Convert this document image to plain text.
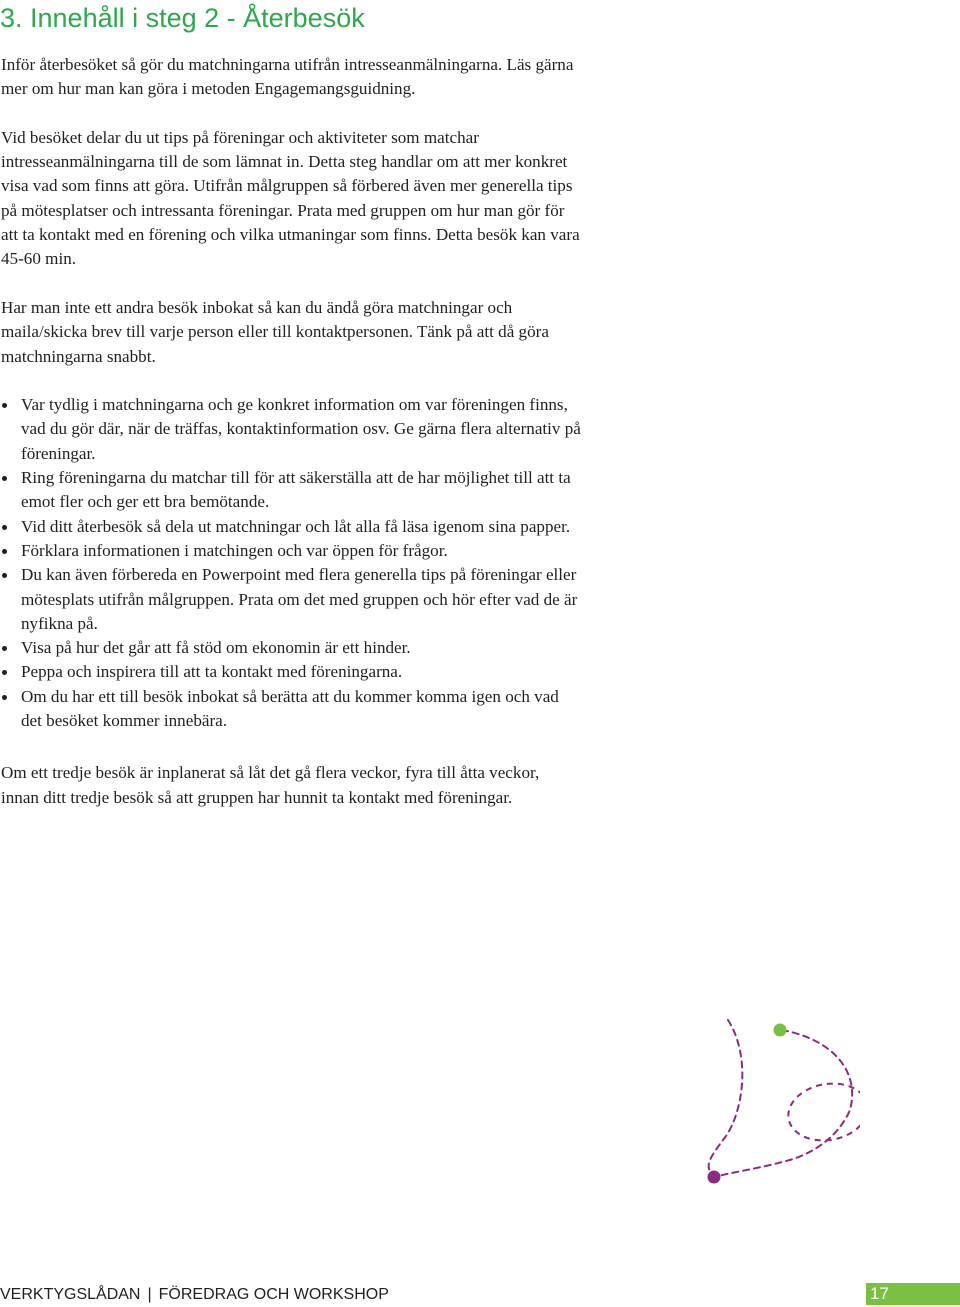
3. Innehåll i steg 2 - Återbesök

Inför återbesöket så gör du matchningarna utifrån intresseanmälningarna. Läs gärna mer om hur man kan göra i metoden Engagemangsguidning.

Vid besöket delar du ut tips på föreningar och aktiviteter som matchar intresseanmälningarna till de som lämnat in. Detta steg handlar om att mer konkret visa vad som finns att göra. Utifrån målgruppen så förbered även mer generella tips på mötesplatser och intressanta föreningar. Prata med gruppen om hur man gör för att ta kontakt med en förening och vilka utmaningar som finns. Detta besök kan vara 45-60 min.

Har man inte ett andra besök inbokat så kan du ändå göra matchningar och maila/skicka brev till varje person eller till kontaktpersonen. Tänk på att då göra matchningarna snabbt.

Var tydlig i matchningarna och ge konkret information om var föreningen finns, vad du gör där, när de träffas, kontaktinformation osv. Ge gärna flera alternativ på föreningar.
Ring föreningarna du matchar till för att säkerställa att de har möjlighet till att ta emot fler och ger ett bra bemötande.
Vid ditt återbesök så dela ut matchningar och låt alla få läsa igenom sina papper.
Förklara informationen i matchingen och var öppen för frågor.
Du kan även förbereda en Powerpoint med flera generella tips på föreningar eller mötesplats utifrån målgruppen. Prata om det med gruppen och hör efter vad de är nyfikna på.
Visa på hur det går att få stöd om ekonomin är ett hinder.
Peppa och inspirera till att ta kontakt med föreningarna.
Om du har ett till besök inbokat så berätta att du kommer komma igen och vad det besöket kommer innebära.

Om ett tredje besök är inplanerat så låt det gå flera veckor, fyra till åtta veckor, innan ditt tredje besök så att gruppen har hunnit ta kontakt med föreningar.

VERKTYGSLÅDAN | FÖREDRAG OCH WORKSHOP	17
